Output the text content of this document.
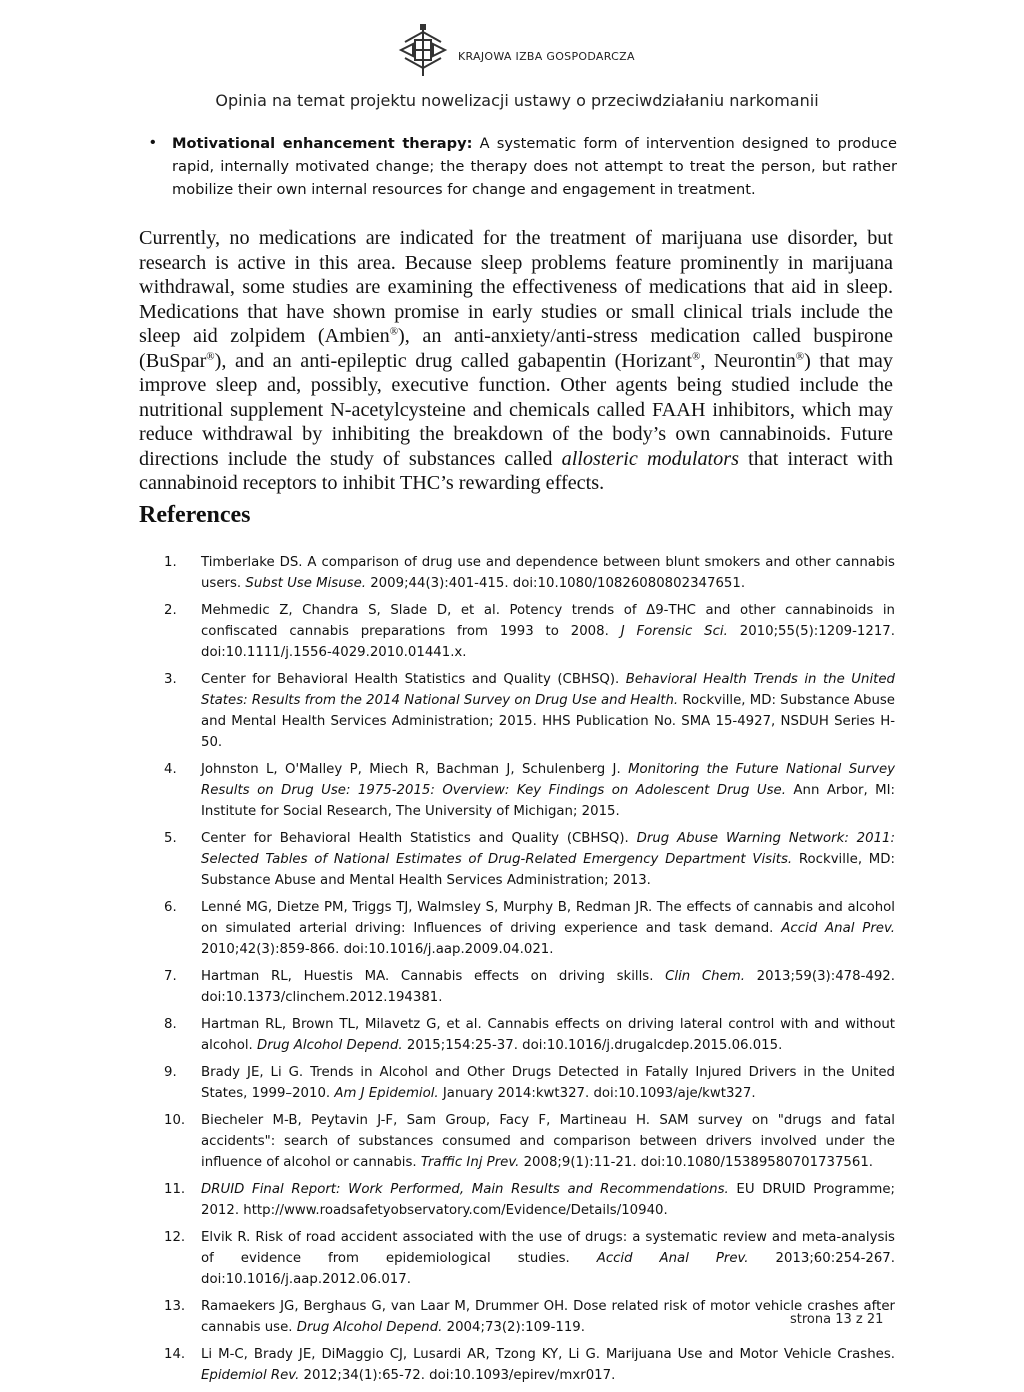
KRAJOWA IZBA GOSPODARCZA
Opinia na temat projektu nowelizacji ustawy o przeciwdziałaniu narkomanii
• Motivational enhancement therapy: A systematic form of intervention designed to produce rapid, internally motivated change; the therapy does not attempt to treat the person, but rather mobilize their own internal resources for change and engagement in treatment.
Currently, no medications are indicated for the treatment of marijuana use disorder, but research is active in this area. Because sleep problems feature prominently in marijuana withdrawal, some studies are examining the effectiveness of medications that aid in sleep. Medications that have shown promise in early studies or small clinical trials include the sleep aid zolpidem (Ambien®), an anti-anxiety/anti-stress medication called buspirone (BuSpar®), and an anti-epileptic drug called gabapentin (Horizant®, Neurontin®) that may improve sleep and, possibly, executive function. Other agents being studied include the nutritional supplement N-acetylcysteine and chemicals called FAAH inhibitors, which may reduce withdrawal by inhibiting the breakdown of the body’s own cannabinoids. Future directions include the study of substances called allosteric modulators that interact with cannabinoid receptors to inhibit THC’s rewarding effects.
References
1. Timberlake DS. A comparison of drug use and dependence between blunt smokers and other cannabis users. Subst Use Misuse. 2009;44(3):401-415. doi:10.1080/10826080802347651.
2. Mehmedic Z, Chandra S, Slade D, et al. Potency trends of Δ9-THC and other cannabinoids in confiscated cannabis preparations from 1993 to 2008. J Forensic Sci. 2010;55(5):1209-1217. doi:10.1111/j.1556-4029.2010.01441.x.
3. Center for Behavioral Health Statistics and Quality (CBHSQ). Behavioral Health Trends in the United States: Results from the 2014 National Survey on Drug Use and Health. Rockville, MD: Substance Abuse and Mental Health Services Administration; 2015. HHS Publication No. SMA 15-4927, NSDUH Series H-50.
4. Johnston L, O'Malley P, Miech R, Bachman J, Schulenberg J. Monitoring the Future National Survey Results on Drug Use: 1975-2015: Overview: Key Findings on Adolescent Drug Use. Ann Arbor, MI: Institute for Social Research, The University of Michigan; 2015.
5. Center for Behavioral Health Statistics and Quality (CBHSQ). Drug Abuse Warning Network: 2011: Selected Tables of National Estimates of Drug-Related Emergency Department Visits. Rockville, MD: Substance Abuse and Mental Health Services Administration; 2013.
6. Lenné MG, Dietze PM, Triggs TJ, Walmsley S, Murphy B, Redman JR. The effects of cannabis and alcohol on simulated arterial driving: Influences of driving experience and task demand. Accid Anal Prev. 2010;42(3):859-866. doi:10.1016/j.aap.2009.04.021.
7. Hartman RL, Huestis MA. Cannabis effects on driving skills. Clin Chem. 2013;59(3):478-492. doi:10.1373/clinchem.2012.194381.
8. Hartman RL, Brown TL, Milavetz G, et al. Cannabis effects on driving lateral control with and without alcohol. Drug Alcohol Depend. 2015;154:25-37. doi:10.1016/j.drugalcdep.2015.06.015.
9. Brady JE, Li G. Trends in Alcohol and Other Drugs Detected in Fatally Injured Drivers in the United States, 1999–2010. Am J Epidemiol. January 2014:kwt327. doi:10.1093/aje/kwt327.
10. Biecheler M-B, Peytavin J-F, Sam Group, Facy F, Martineau H. SAM survey on "drugs and fatal accidents": search of substances consumed and comparison between drivers involved under the influence of alcohol or cannabis. Traffic Inj Prev. 2008;9(1):11-21. doi:10.1080/15389580701737561.
11. DRUID Final Report: Work Performed, Main Results and Recommendations. EU DRUID Programme; 2012. http://www.roadsafetyobservatory.com/Evidence/Details/10940.
12. Elvik R. Risk of road accident associated with the use of drugs: a systematic review and meta-analysis of evidence from epidemiological studies. Accid Anal Prev. 2013;60:254-267. doi:10.1016/j.aap.2012.06.017.
13. Ramaekers JG, Berghaus G, van Laar M, Drummer OH. Dose related risk of motor vehicle crashes after cannabis use. Drug Alcohol Depend. 2004;73(2):109-119.
14. Li M-C, Brady JE, DiMaggio CJ, Lusardi AR, Tzong KY, Li G. Marijuana Use and Motor Vehicle Crashes. Epidemiol Rev. 2012;34(1):65-72. doi:10.1093/epirev/mxr017.
strona 13 z 21
